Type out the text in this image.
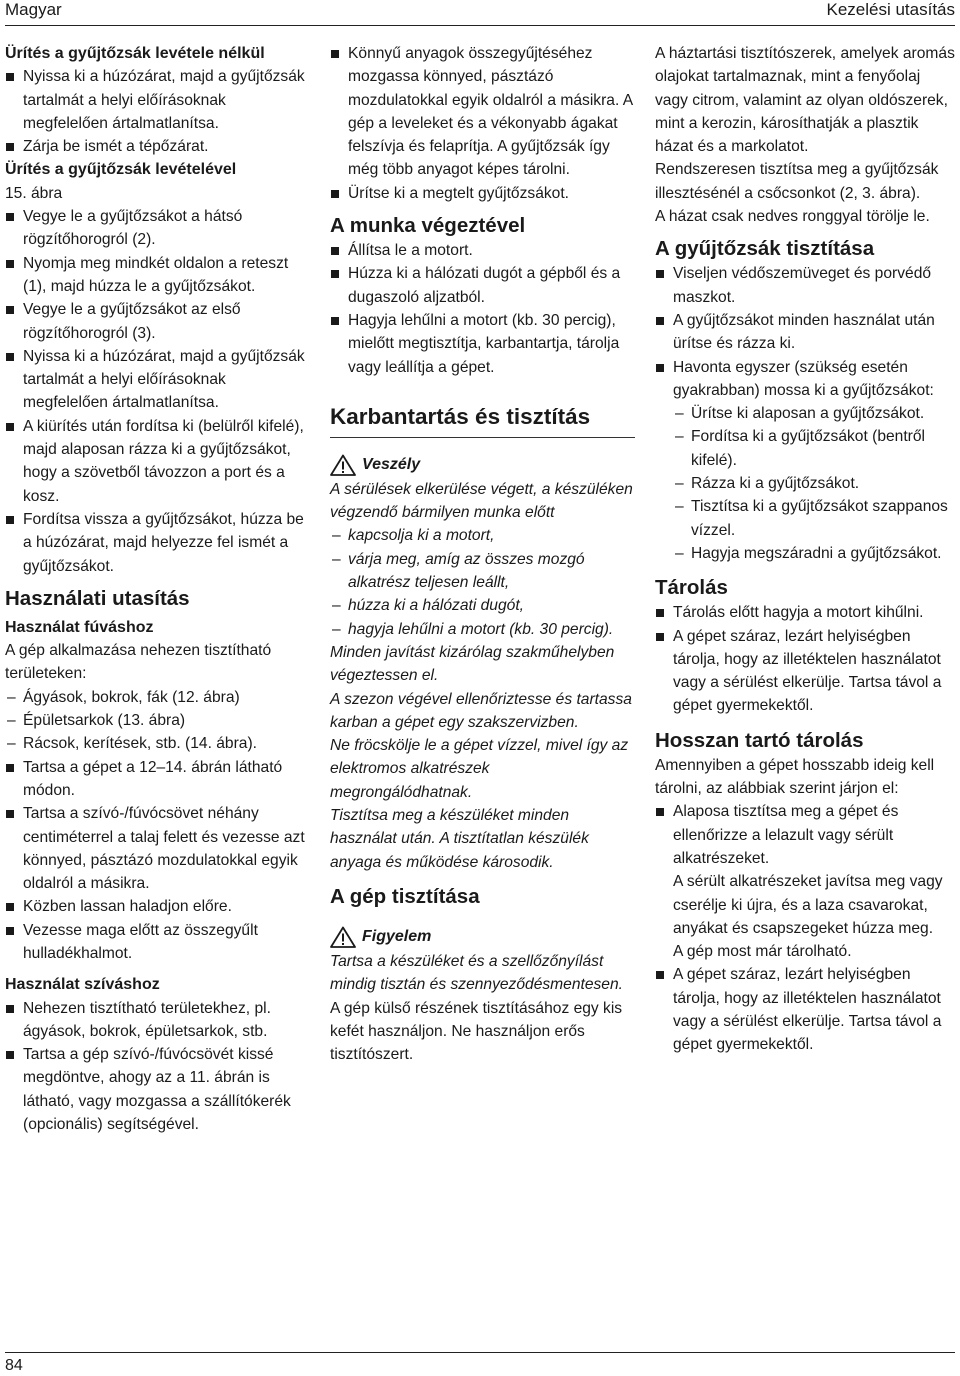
Magyar	Kezelési utasítás
Ürítés a gyűjtőzsák levétele nélkül
Nyissa ki a húzózárat, majd a gyűjtőzsák tartalmát a helyi előírásoknak megfelelően ártalmatlanítsa.
Zárja be ismét a tépőzárat.
Ürítés a gyűjtőzsák levételével
15. ábra
Vegye le a gyűjtőzsákot a hátsó rögzítőhorogról (2).
Nyomja meg mindkét oldalon a reteszt (1), majd húzza le a gyűjtőzsákot.
Vegye le a gyűjtőzsákot az első rögzítőhorogról (3).
Nyissa ki a húzózárat, majd a gyűjtőzsák tartalmát a helyi előírásoknak megfelelően ártalmatlanítsa.
A kiürítés után fordítsa ki (belülről kifelé), majd alaposan rázza ki a gyűjtőzsákot, hogy a szövetből távozzon a port és a kosz.
Fordítsa vissza a gyűjtőzsákot, húzza be a húzózárat, majd helyezze fel ismét a gyűjtőzsákot.
Használati utasítás
Használat fúváshoz
A gép alkalmazása nehezen tisztítható területeken:
– Ágyások, bokrok, fák (12. ábra)
– Épületsarkok (13. ábra)
– Rácsok, kerítések, stb. (14. ábra).
Tartsa a gépet a 12–14. ábrán látható módon.
Tartsa a szívó-/fúvócsövet néhány centiméterrel a talaj felett és vezesse azt könnyed, pásztázó mozdulatokkal egyik oldalról a másikra.
Közben lassan haladjon előre.
Vezesse maga előtt az összegyűlt hulladékhalmot.
Használat szíváshoz
Nehezen tisztítható területekhez, pl. ágyások, bokrok, épületsarkok, stb.
Tartsa a gép szívó-/fúvócsövét kissé megdöntve, ahogy az a 11. ábrán is látható, vagy mozgassa a szállítókerék (opcionális) segítségével.
Könnyű anyagok összegyűjtéséhez mozgassa könnyed, pásztázó mozdulatokkal egyik oldalról a másikra. A gép a leveleket és a vékonyabb ágakat felszívja és felaprítja. A gyűjtőzsák így még több anyagot képes tárolni.
Ürítse ki a megtelt gyűjtőzsákot.
A munka végeztével
Állítsa le a motort.
Húzza ki a hálózati dugót a gépből és a dugaszoló aljzatból.
Hagyja lehűlni a motort (kb. 30 percig), mielőtt megtisztítja, karbantartja, tárolja vagy leállítja a gépet.
Karbantartás és tisztítás
Veszély
A sérülések elkerülése végett, a készüléken végzendő bármilyen munka előtt
– kapcsolja ki a motort,
– várja meg, amíg az összes mozgó alkatrész teljesen leállt,
– húzza ki a hálózati dugót,
– hagyja lehűlni a motort (kb. 30 percig).
Minden javítást kizárólag szakműhelyben végeztessen el.
A szezon végével ellenőriztesse és tartassa karban a gépet egy szakszervizben.
Ne fröcskölje le a gépet vízzel, mivel így az elektromos alkatrészek megrongálódhatnak.
Tisztítsa meg a készüléket minden használat után. A tisztítatlan készülék anyaga és működése károsodik.
A gép tisztítása
Figyelem
Tartsa a készüléket és a szellőzőnyílást mindig tisztán és szennyeződésmentesen.
A gép külső részének tisztításához egy kis kefét használjon. Ne használjon erős tisztítószert.
A háztartási tisztítószerek, amelyek aromás olajokat tartalmaznak, mint a fenyőolaj vagy citrom, valamint az olyan oldószerek, mint a kerozin, károsíthatják a plasztik házat és a markolatot.
Rendszeresen tisztítsa meg a gyűjtőzsák illesztésénél a csőcsonkot (2, 3. ábra).
A házat csak nedves ronggyal törölje le.
A gyűjtőzsák tisztítása
Viseljen védőszemüveget és porvédő maszkot.
A gyűjtőzsákot minden használat után ürítse és rázza ki.
Havonta egyszer (szükség esetén gyakrabban) mossa ki a gyűjtőzsákot:
– Ürítse ki alaposan a gyűjtőzsákot.
– Fordítsa ki a gyűjtőzsákot (bentről kifelé).
– Rázza ki a gyűjtőzsákot.
– Tisztítsa ki a gyűjtőzsákot szappanos vízzel.
– Hagyja megszáradni a gyűjtőzsákot.
Tárolás
Tárolás előtt hagyja a motort kihűlni.
A gépet száraz, lezárt helyiségben tárolja, hogy az illetéktelen használatot vagy a sérülést elkerülje. Tartsa távol a gépet gyermekektől.
Hosszan tartó tárolás
Amennyiben a gépet hosszabb ideig kell tárolni, az alábbiak szerint járjon el:
Alaposa tisztítsa meg a gépet és ellenőrizze a lelazult vagy sérült alkatrészeket.
A sérült alkatrészeket javítsa meg vagy cserélje ki újra, és a laza csavarokat, anyákat és csapszegeket húzza meg.
A gép most már tárolható.
A gépet száraz, lezárt helyiségben tárolja, hogy az illetéktelen használatot vagy a sérülést elkerülje. Tartsa távol a gépet gyermekektől.
84
